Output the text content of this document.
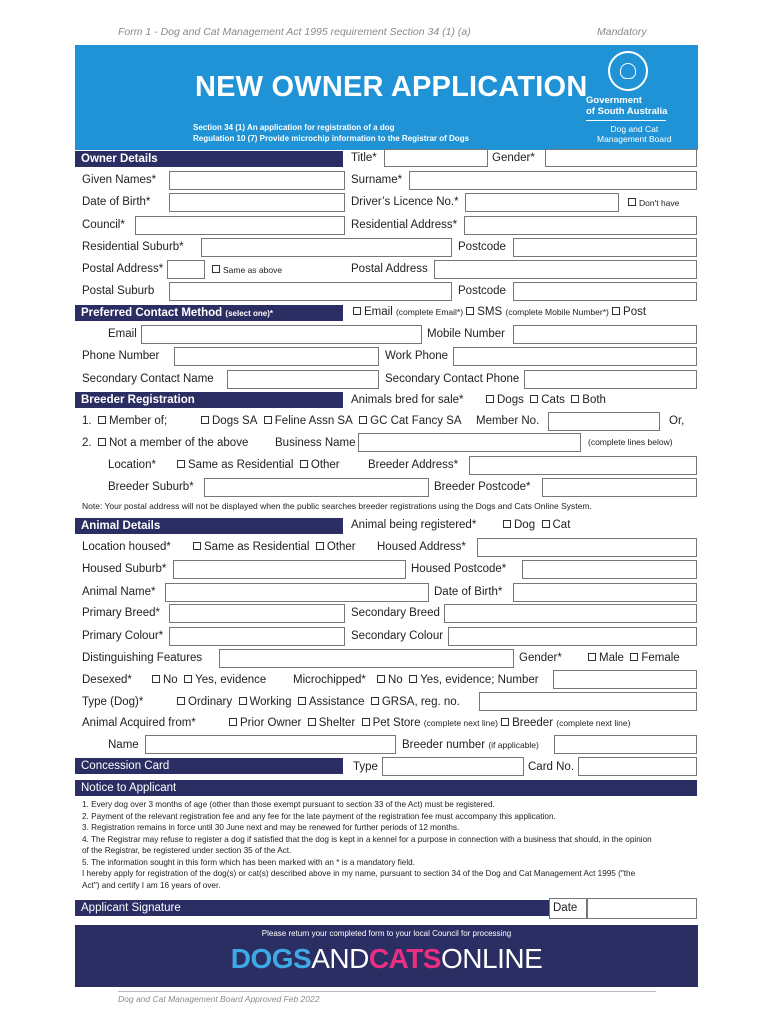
Form 1 - Dog and Cat Management Act 1995 requirement Section 34 (1) (a)	Mandatory
NEW OWNER APPLICATION
Section 34 (1) An application for registration of a dog
Regulation 10 (7) Provide microchip information to the Registrar of Dogs
Government
of South Australia
Dog and Cat
Management Board
Owner Details	Title*	Gender*
Given Names*	Surname*
Date of Birth*	Driver’s Licence No.*	Don't have
Council*	Residential Address*
Residential Suburb*	Postcode
Postal Address*	Same as above	Postal Address
Postal Suburb	Postcode
Preferred Contact Method (select one)*	Email (complete Email*) SMS (complete Mobile Number*) Post
Email	Mobile Number
Phone Number	Work Phone
Secondary Contact Name	Secondary Contact Phone
Breeder Registration	Animals bred for sale*	Dogs Cats Both
1. Member of;	Dogs SA Feline Assn SA GC Cat Fancy SA Member No.	Or,
2. Not a member of the above Business Name	(complete lines below)
Location*	Same as Residential Other Breeder Address*
Breeder Suburb*	Breeder Postcode*
Note: Your postal address will not be displayed when the public searches breeder registrations using the Dogs and Cats Online System.
Animal Details	Animal being registered*	Dog Cat
Location housed*	Same as Residential Other Housed Address*
Housed Suburb*	Housed Postcode*
Animal Name*	Date of Birth*
Primary Breed*	Secondary Breed
Primary Colour*	Secondary Colour
Distinguishing Features	Gender*	Male Female
Desexed*	No Yes, evidence Microchipped*	No Yes, evidence; Number
Type (Dog)*	Ordinary Working Assistance GRSA, reg. no.
Animal Acquired from*	Prior Owner Shelter Pet Store (complete next line) Breeder (complete next line)
Name	Breeder number (if applicable)
Concession Card	Type	Card No.
Notice to Applicant
1. Every dog over 3 months of age (other than those exempt pursuant to section 33 of the Act) must be registered.
2. Payment of the relevant registration fee and any fee for the late payment of the registration fee must accompany this application.
3. Registration remains in force until 30 June next and may be renewed for further periods of 12 months.
4. The Registrar may refuse to register a dog if satisfied that the dog is kept in a kennel for a purpose in connection with a business that should, in the opinion
of the Registrar, be registered under section 35 of the Act.
5. The information sought in this form which has been marked with an * is a mandatory field.
I hereby apply for registration of the dog(s) or cat(s) described above in my name, pursuant to section 34 of the Dog and Cat Management Act 1995 ("the
Act") and certify I am 16 years of over.
Applicant Signature	Date
Please return your completed form to your local Council for processing
DOGSANDCATSONLINE
Dog and Cat Management Board Approved Feb 2022
